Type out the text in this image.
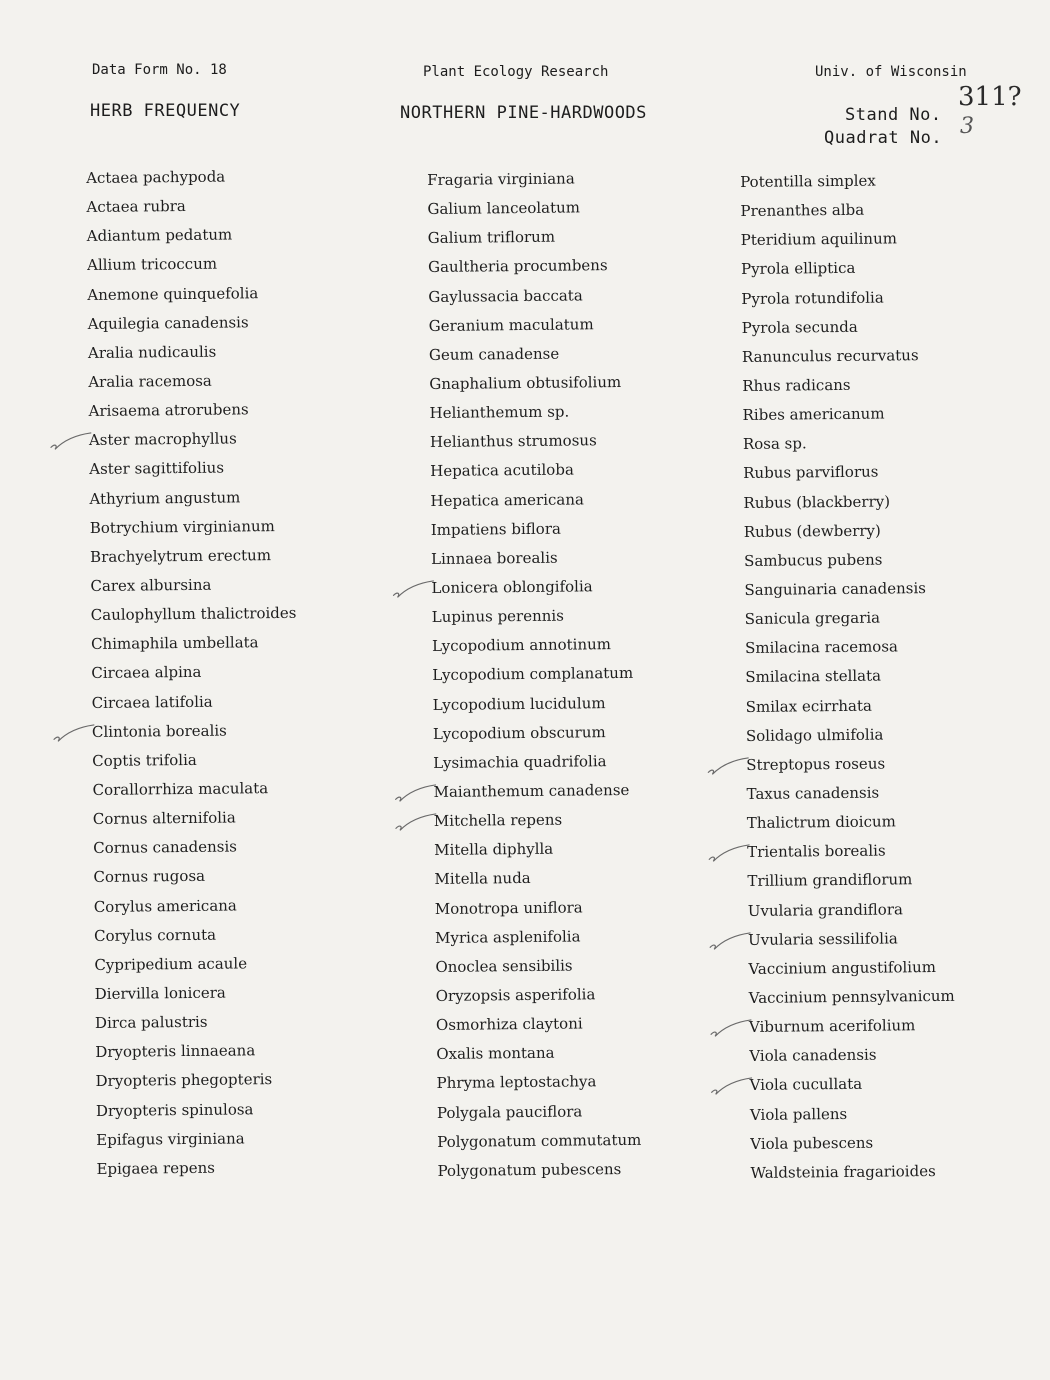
Data Form No. 18	Plant Ecology Research	Univ. of Wisconsin
HERB FREQUENCY	NORTHERN PINE-HARDWOODS	Stand No.
311?
Quadrat No. 3
Actaea pachypoda
Actaea rubra
Adiantum pedatum
Allium tricoccum
Anemone quinquefolia
Aquilegia canadensis
Aralia nudicaulis
Aralia racemosa
Arisaema atrorubens
Aster macrophyllus
Aster sagittifolius
Athyrium angustum
Botrychium virginianum
Brachyelytrum erectum
Carex albursina
Caulophyllum thalictroides
Chimaphila umbellata
Circaea alpina
Circaea latifolia
Clintonia borealis
Coptis trifolia
Corallorrhiza maculata
Cornus alternifolia
Cornus canadensis
Cornus rugosa
Corylus americana
Corylus cornuta
Cypripedium acaule
Diervilla lonicera
Dirca palustris
Dryopteris linnaeana
Dryopteris phegopteris
Dryopteris spinulosa
Epifagus virginiana
Epigaea repens
Fragaria virginiana
Galium lanceolatum
Galium triflorum
Gaultheria procumbens
Gaylussacia baccata
Geranium maculatum
Geum canadense
Gnaphalium obtusifolium
Helianthemum sp.
Helianthus strumosus
Hepatica acutiloba
Hepatica americana
Impatiens biflora
Linnaea borealis
Lonicera oblongifolia
Lupinus perennis
Lycopodium annotinum
Lycopodium complanatum
Lycopodium lucidulum
Lycopodium obscurum
Lysimachia quadrifolia
Maianthemum canadense
Mitchella repens
Mitella diphylla
Mitella nuda
Monotropa uniflora
Myrica asplenifolia
Onoclea sensibilis
Oryzopsis asperifolia
Osmorhiza claytoni
Oxalis montana
Phryma leptostachya
Polygala pauciflora
Polygonatum commutatum
Polygonatum pubescens
Potentilla simplex
Prenanthes alba
Pteridium aquilinum
Pyrola elliptica
Pyrola rotundifolia
Pyrola secunda
Ranunculus recurvatus
Rhus radicans
Ribes americanum
Rosa sp.
Rubus parviflorus
Rubus (blackberry)
Rubus (dewberry)
Sambucus pubens
Sanguinaria canadensis
Sanicula gregaria
Smilacina racemosa
Smilacina stellata
Smilax ecirrhata
Solidago ulmifolia
Streptopus roseus
Taxus canadensis
Thalictrum dioicum
Trientalis borealis
Trillium grandiflorum
Uvularia grandiflora
Uvularia sessilifolia
Vaccinium angustifolium
Vaccinium pennsylvanicum
Viburnum acerifolium
Viola canadensis
Viola cucullata
Viola pallens
Viola pubescens
Waldsteinia fragarioides
